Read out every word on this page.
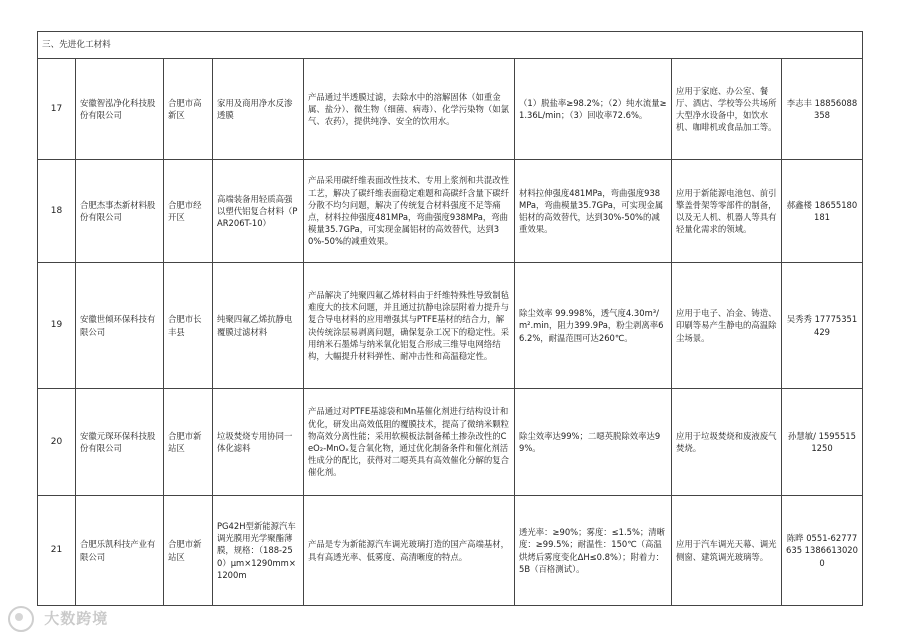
三、先进化工材料							
17	安徽智泓净化科技股份有限公司	合肥市高新区	家用及商用净水反渗透膜	产品通过半透膜过滤，去除水中的溶解固体（如重金属、盐分）、微生物（细菌、病毒）、化学污染物（如氯气、农药），提供纯净、安全的饮用水。	（1）脱盐率≥98.2%；（2）纯水流量≥1.36L/min；（3）回收率72.6%。	应用于家庭、办公室、餐厅、酒店、学校等公共场所大型净水设备中，如饮水机、咖啡机或食品加工等。	李志丰 18856088358
18	合肥杰事杰新材料股份有限公司	合肥市经开区	高端装备用轻质高强以塑代铝复合材料（PAR206T-10）	产品采用碳纤维表面改性技术、专用上浆剂和共混改性工艺，解决了碳纤维表面稳定难题和高碳纤含量下碳纤分散不均匀问题，解决了传统复合材料强度不足等痛点，材料拉伸强度481MPa，弯曲强度938MPa，弯曲模量35.7GPa，可实现金属铝材的高效替代，达到30%-50%的减重效果。	材料拉伸强度481MPa，弯曲强度938MPa，弯曲模量35.7GPa，可实现金属铝材的高效替代，达到30%-50%的减重效果。	应用于新能源电池包、前引擎盖骨架等零部件的制备，以及无人机、机器人等具有轻量化需求的领域。	郝鑫楼 18655180181
19	安徽世倾环保科技有限公司	合肥市长丰县	纯聚四氟乙烯抗静电覆膜过滤材料	产品解决了纯聚四氟乙烯材料由于纤维特殊性导致制毡难度大的技术问题，并且通过抗静电涂层附着力提升与复合导电材料的应用增强其与PTFE基材的结合力，解决传统涂层易剥离问题，确保复杂工况下的稳定性。采用纳米石墨烯与纳米氧化铝复合形成三维导电网络结构，大幅提升材料弹性、耐冲击性和高温稳定性。	除尘效率 99.998%，透气度4.30m³/m².min，阻力399.9Pa，粉尘剥离率66.2%，耐温范围可达260℃。	应用于电子、冶金、铸造、印刷等易产生静电的高温除尘场景。	吴秀秀 17775351429
20	安徽元琛环保科技股份有限公司	合肥市新站区	垃圾焚烧专用协同一体化滤料	产品通过对PTFE基滤袋和Mn基催化剂进行结构设计和优化，研发出高效低阻的覆膜技术，提高了微纳米颗粒物高效分离性能；采用软模板法制备稀土掺杂改性的CeO₂-MnOₓ复合氧化物，通过优化制备条件和催化剂活性成分的配比，获得对二噁英具有高效催化分解的复合催化剂。	除尘效率达99%；二噁英脱除效率达99%。	应用于垃圾焚烧和废液废气焚烧。	孙慧敏/ 15955151250
21	合肥乐凯科技产业有限公司	合肥市新站区	PG42H型新能源汽车调光膜用光学聚酯薄膜，规格：（188-250）μm×1290mm×1200m	产品是专为新能源汽车调光玻璃打造的国产高端基材，具有高透光率、低雾度、高清晰度的特点。	透光率：≥90%；雾度：≤1.5%；清晰度：≥99.5%；耐温性：150℃（高温烘烤后雾度变化ΔH≤0.8%）；附着力：5B（百格测试）。	应用于汽车调光天幕、调光侧窗、建筑调光玻璃等。	陈晔 0551-62777635 13866130200
大数跨境
